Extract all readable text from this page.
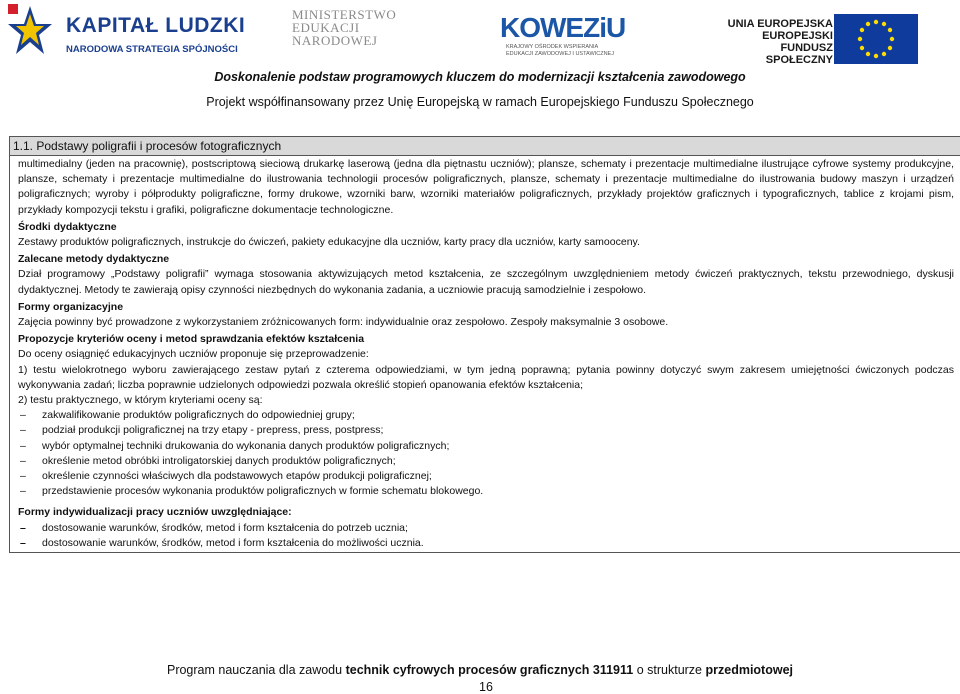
KAPITAŁ LUDZKI
NARODOWA STRATEGIA SPÓJNOŚCI
MINISTERSTWO
EDUKACJI
NARODOWEJ	KOWEZiU
KRAJOWY OŚRODEK WSPIERANIA EDUKACJI ZAWODOWEJ I USTAWICZNEJ
UNIA EUROPEJSKA
EUROPEJSKI
FUNDUSZ SPOŁECZNY
Doskonalenie podstaw programowych kluczem do modernizacji kształcenia zawodowego
Projekt współfinansowany przez Unię Europejską w ramach Europejskiego Funduszu Społecznego
1.1. Podstawy poligrafii i procesów fotograficznych

multimedialny (jeden na pracownię), postscriptową sieciową drukarkę laserową (jedna dla piętnastu uczniów); plansze, schematy i prezentacje multimedialne ilustrujące cyfrowe systemy produkcyjne, plansze, schematy i prezentacje multimedialne do ilustrowania technologii procesów poligraficznych, plansze, schematy i prezentacje multimedialne do ilustrowania budowy maszyn i urządzeń poligraficznych; wyroby i półprodukty poligraficzne, formy drukowe, wzorniki barw, wzorniki materiałów poligraficznych, przykłady projektów graficznych i typograficznych, tablice z krojami pism, przykłady kompozycji tekstu i grafiki, poligraficzne dokumentacje technologiczne.

Środki dydaktyczne

Zestawy produktów poligraficznych, instrukcje do ćwiczeń, pakiety edukacyjne dla uczniów, karty pracy dla uczniów, karty samooceny.

Zalecane metody dydaktyczne

Dział programowy „Podstawy poligrafii” wymaga stosowania aktywizujących metod kształcenia, ze szczególnym uwzględnieniem metody ćwiczeń praktycznych, tekstu przewodniego, dyskusji dydaktycznej. Metody te zawierają opisy czynności niezbędnych do wykonania zadania, a uczniowie pracują samodzielnie i zespołowo.

Formy organizacyjne

Zajęcia powinny być prowadzone z wykorzystaniem zróżnicowanych form: indywidualnie oraz zespołowo. Zespoły maksymalnie 3 osobowe.

Propozycje kryteriów oceny i metod sprawdzania efektów kształcenia

Do oceny osiągnięć edukacyjnych uczniów proponuje się przeprowadzenie:

1) testu wielokrotnego wyboru zawierającego zestaw pytań z czterema odpowiedziami, w tym jedną poprawną; pytania powinny dotyczyć swym zakresem umiejętności ćwiczonych podczas wykonywania zadań; liczba poprawnie udzielonych odpowiedzi pozwala określić stopień opanowania efektów kształcenia;

2) testu praktycznego, w którym kryteriami oceny są:

– zakwalifikowanie produktów poligraficznych do odpowiedniej grupy;
– podział produkcji poligraficznej na trzy etapy - prepress, press, postpress;
– wybór optymalnej techniki drukowania do wykonania danych produktów poligraficznych;
– określenie metod obróbki introligatorskiej danych produktów poligraficznych;
– określenie czynności właściwych dla podstawowych etapów produkcji poligraficznej;
– przedstawienie procesów wykonania produktów poligraficznych w formie schematu blokowego.

Formy indywidualizacji pracy uczniów uwzględniające:

– dostosowanie warunków, środków, metod i form kształcenia do potrzeb ucznia;
– dostosowanie warunków, środków, metod i form kształcenia do możliwości ucznia.
Program nauczania dla zawodu technik cyfrowych procesów graficznych 311911 o strukturze przedmiotowej
16
